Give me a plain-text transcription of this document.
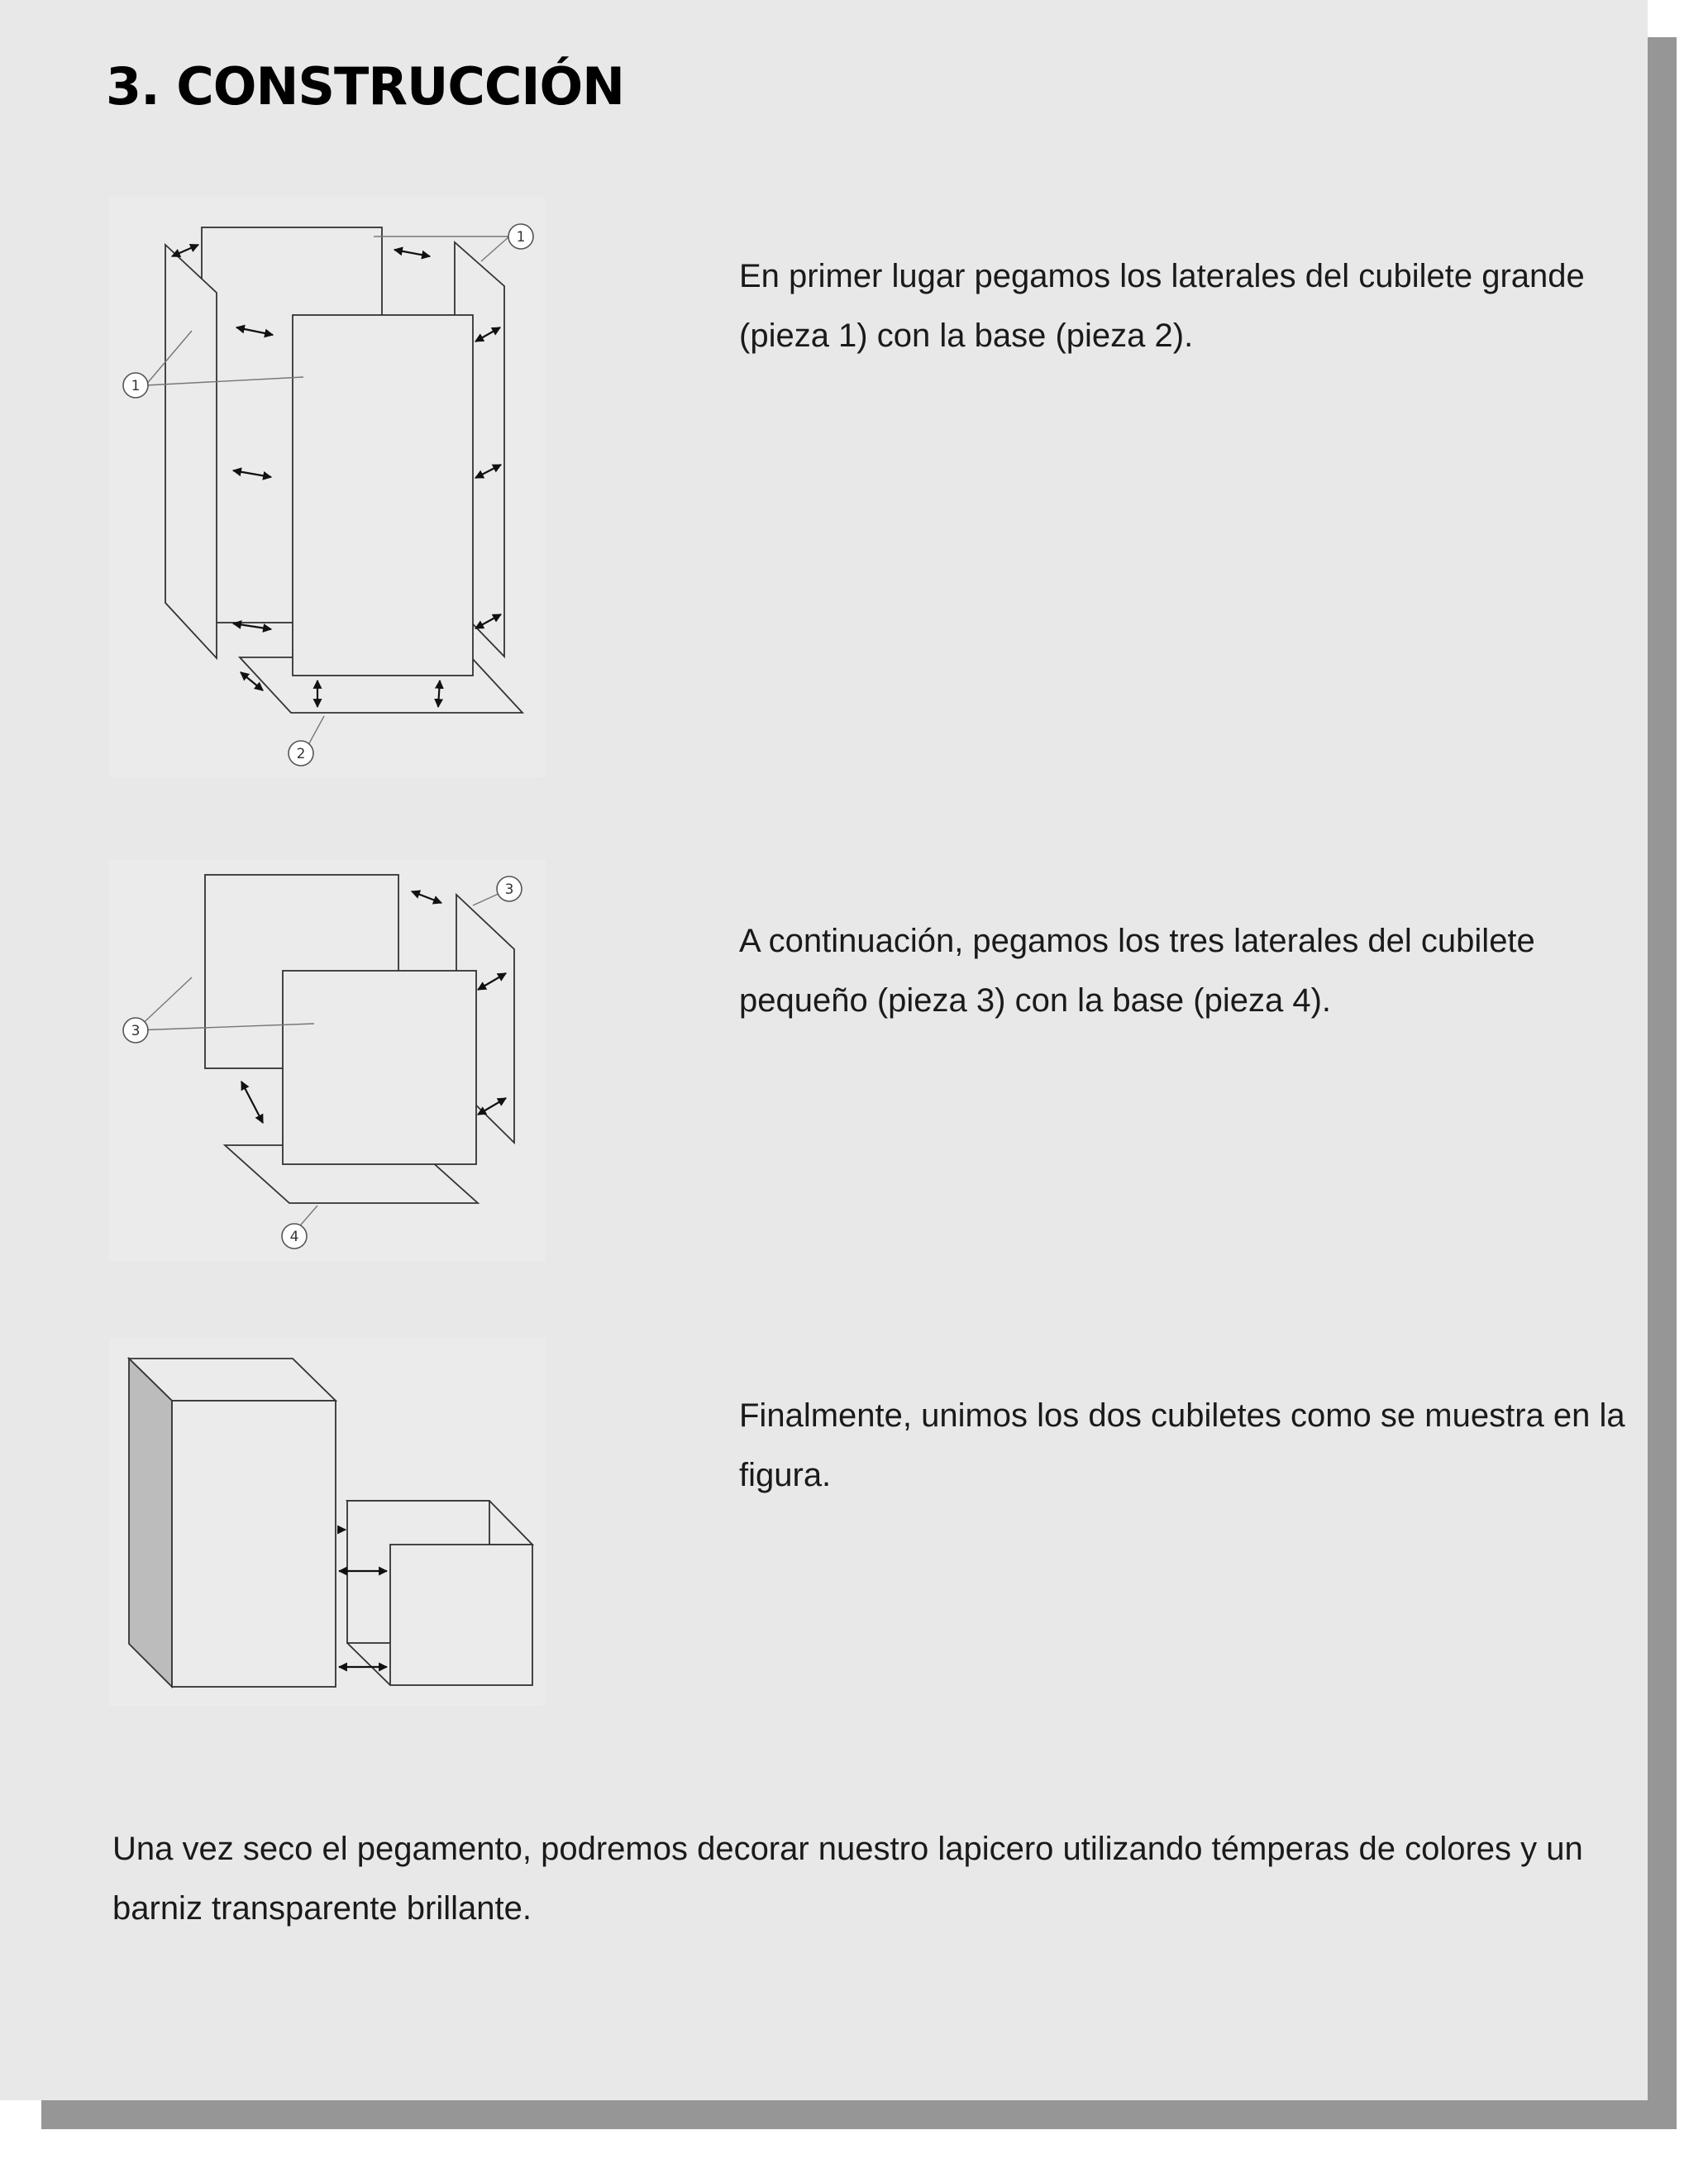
3. CONSTRUCCIÓN
1
1
2

En primer lugar pegamos los laterales del cubilete grande (pieza 1) con la base (pieza 2).

3
3
4

A continuación, pegamos los tres laterales del cubilete pequeño (pieza 3) con la base (pieza 4).

Finalmente, unimos los dos cubiletes como se muestra en la figura.

Una vez seco el pegamento, podremos decorar nuestro lapicero utilizando témperas de colores y un barniz transparente brillante.
